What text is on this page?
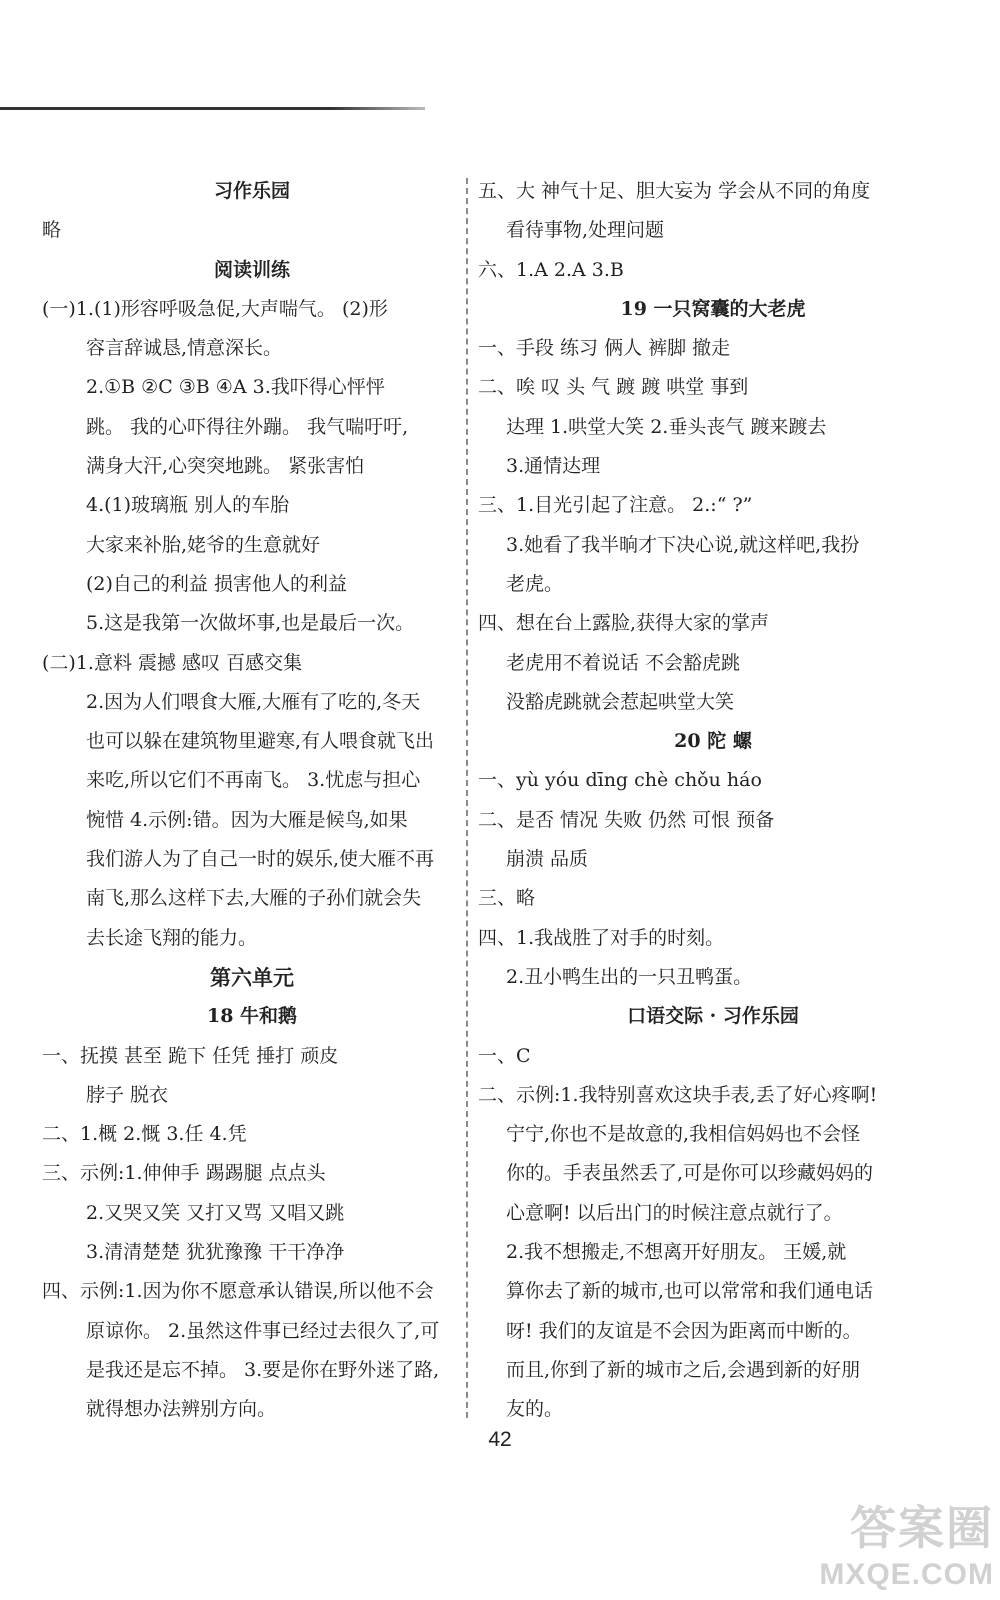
习作乐园
略
阅读训练
(一)1.(1)形容呼吸急促,大声喘气。 (2)形
容言辞诚恳,情意深长。
2.①B ②C ③B ④A 3.我吓得心怦怦
跳。 我的心吓得往外蹦。 我气喘吁吁,
满身大汗,心突突地跳。 紧张害怕
4.(1)玻璃瓶 别人的车胎
大家来补胎,姥爷的生意就好
(2)自己的利益 损害他人的利益
5.这是我第一次做坏事,也是最后一次。
(二)1.意料 震撼 感叹 百感交集
2.因为人们喂食大雁,大雁有了吃的,冬天
也可以躲在建筑物里避寒,有人喂食就飞出
来吃,所以它们不再南飞。 3.忧虑与担心
惋惜 4.示例:错。因为大雁是候鸟,如果
我们游人为了自己一时的娱乐,使大雁不再
南飞,那么这样下去,大雁的子孙们就会失
去长途飞翔的能力。
第六单元
18 牛和鹅
一、抚摸 甚至 跪下 任凭 捶打 顽皮
脖子 脱衣
二、1.概 2.慨 3.任 4.凭
三、示例:1.伸伸手 踢踢腿 点点头
2.又哭又笑 又打又骂 又唱又跳
3.清清楚楚 犹犹豫豫 干干净净
四、示例:1.因为你不愿意承认错误,所以他不会
原谅你。 2.虽然这件事已经过去很久了,可
是我还是忘不掉。 3.要是你在野外迷了路,
就得想办法辨别方向。
五、大 神气十足、胆大妄为 学会从不同的角度
看待事物,处理问题
六、1.A 2.A 3.B
19 一只窝囊的大老虎
一、手段 练习 俩人 裤脚 撤走
二、唉 叹 头 气 踱 踱 哄堂 事到
达理 1.哄堂大笑 2.垂头丧气 踱来踱去
3.通情达理
三、1.目光引起了注意。 2.:“ ?”
3.她看了我半晌才下决心说,就这样吧,我扮
老虎。
四、想在台上露脸,获得大家的掌声
老虎用不着说话 不会豁虎跳
没豁虎跳就会惹起哄堂大笑
20 陀 螺
一、yù yóu dīng chè chǒu háo
二、是否 情况 失败 仍然 可恨 预备
崩溃 品质
三、略
四、1.我战胜了对手的时刻。
2.丑小鸭生出的一只丑鸭蛋。
口语交际 · 习作乐园
一、C
二、示例:1.我特别喜欢这块手表,丢了好心疼啊!
宁宁,你也不是故意的,我相信妈妈也不会怪
你的。手表虽然丢了,可是你可以珍藏妈妈的
心意啊! 以后出门的时候注意点就行了。
2.我不想搬走,不想离开好朋友。 王媛,就
算你去了新的城市,也可以常常和我们通电话
呀! 我们的友谊是不会因为距离而中断的。
而且,你到了新的城市之后,会遇到新的好朋
友的。
42
答案圈
MXQE.COM
